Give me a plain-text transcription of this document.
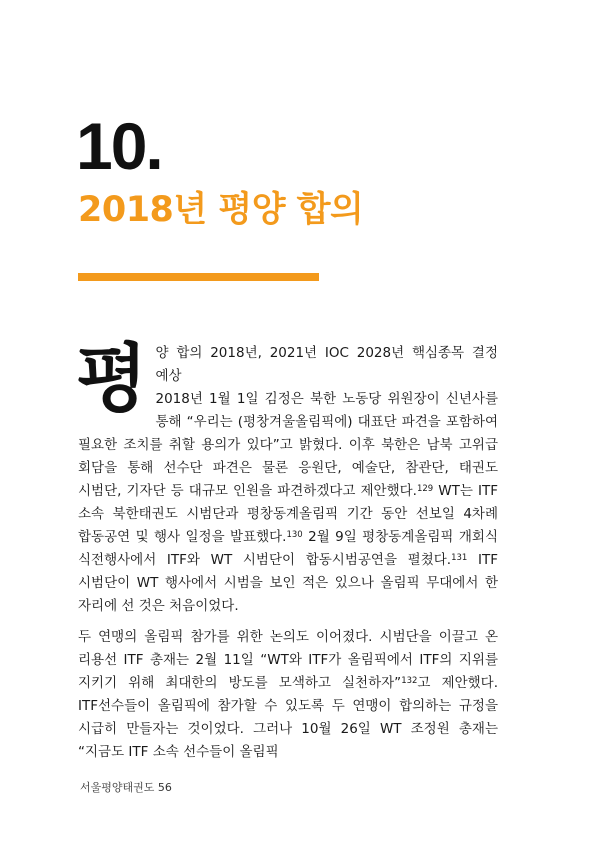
10.
2018년 평양 합의

평 양 합의 2018년, 2021년 IOC 2028년 핵심종목 결정 예상
2018년 1월 1일 김정은 북한 노동당 위원장이 신년사를 통해 “우리는 (평창겨울올림픽에) 대표단 파견을 포함하여 필요한 조치를 취할 용의가 있다”고 밝혔다. 이후 북한은 남북 고위급 회담을 통해 선수단 파견은 물론 응원단, 예술단, 참관단, 태권도 시범단, 기자단 등 대규모 인원을 파견하겠다고 제안했다.$^{129}$ WT는 ITF 소속 북한태권도 시범단과 평창동계올림픽 기간 동안 선보일 4차례 합동공연 및 행사 일정을 발표했다.$^{130}$ 2월 9일 평창동계올림픽 개회식 식전행사에서 ITF와 WT 시범단이 합동시범공연을 펼쳤다.$^{131}$ ITF 시범단이 WT 행사에서 시범을 보인 적은 있으나 올림픽 무대에서 한 자리에 선 것은 처음이었다.

두 연맹의 올림픽 참가를 위한 논의도 이어졌다. 시범단을 이끌고 온 리용선 ITF 총재는 2월 11일 “WT와 ITF가 올림픽에서 ITF의 지위를 지키기 위해 최대한의 방도를 모색하고 실천하자”$^{132}$고 제안했다. ITF선수들이 올림픽에 참가할 수 있도록 두 연맹이 합의하는 규정을 시급히 만들자는 것이었다. 그러나 10월 26일 WT 조정원 총재는 “지금도 ITF 소속 선수들이 올림픽

서울평양태권도 56
